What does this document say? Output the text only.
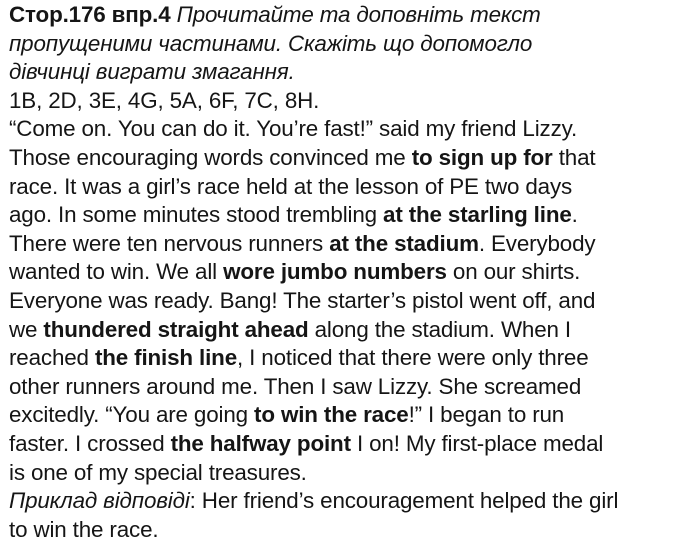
Стор.176 впр.4 Прочитайте та доповніть текст
пропущеними частинами. Скажіть що допомогло
дівчинці виграти змагання.
1B, 2D, 3E, 4G, 5A, 6F, 7C, 8H.
“Come on. You can do it. You’re fast!” said my friend Lizzy.
Those encouraging words convinced me to sign up for that
race. It was a girl’s race held at the lesson of PE two days
ago. In some minutes stood trembling at the starling line.
There were ten nervous runners at the stadium. Everybody
wanted to win. We all wore jumbo numbers on our shirts.
Everyone was ready. Bang! The starter’s pistol went off, and
we thundered straight ahead along the stadium. When I
reached the finish line, I noticed that there were only three
other runners around me. Then I saw Lizzy. She screamed
excitedly. “You are going to win the race!” I began to run
faster. I crossed the halfway point I on! My first-place medal
is one of my special treasures.
Приклад відповіді: Her friend’s encouragement helped the girl
to win the race.
